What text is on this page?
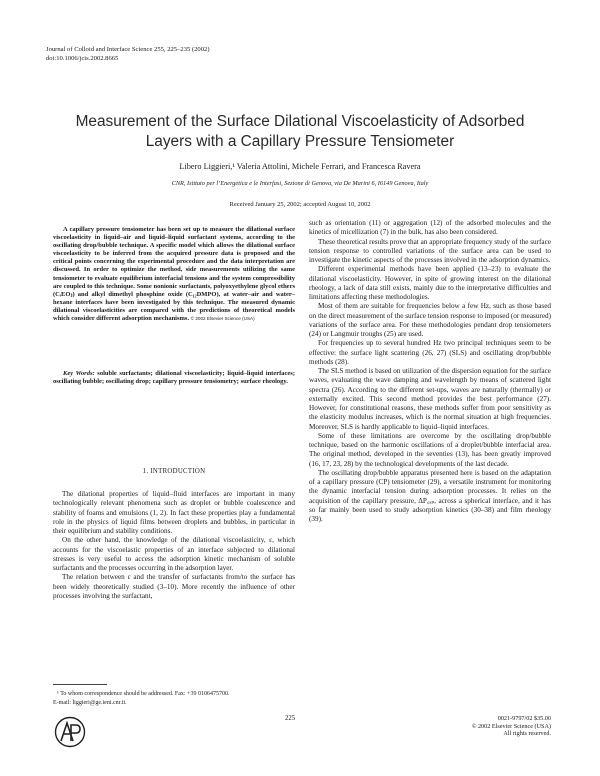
Journal of Colloid and Interface Science 255, 225–235 (2002)
doi:10.1006/jcis.2002.8665
Measurement of the Surface Dilational Viscoelasticity of Adsorbed
Layers with a Capillary Pressure Tensiometer
Libero Liggieri,¹ Valeria Attolini, Michele Ferrari, and Francesca Ravera
CNR, Istituto per l’Energetica e le Interfasi, Sezione di Genova, via De Marini 6, I6149 Genova, Italy
Received January 25, 2002; accepted August 10, 2002

A capillary pressure tensiometer has been set up to measure the dilational surface viscoelasticity in liquid–air and liquid–liquid surfactant systems, according to the oscillating drop/bubble technique. A specific model which allows the dilational surface viscoelasticity to be inferred from the acquired pressure data is proposed and the critical points concerning the experimental procedure and the data interpretation are discussed. In order to optimize the method, side measurements utilizing the same tensiometer to evaluate equilibrium interfacial tensions and the system compressibility are coupled to this technique. Some nonionic surfactants, polyoxyethylene glycol ethers (CᵢEOⱼ) and alkyl dimethyl phosphine oxide (C₁₂DMPO), at water–air and water–hexane interfaces have been investigated by this technique. The measured dynamic dilational viscoelasticities are compared with the predictions of theoretical models which consider different adsorption mechanisms. © 2002 Elsevier Science (USA)

Key Words: soluble surfactants; dilational viscoelasticity; liquid–liquid interfaces; oscillating bubble; oscillating drop; capillary pressure tensiometry; surface rheology.

1. INTRODUCTION

The dilational properties of liquid–fluid interfaces are important in many technologically relevant phenomena such as droplet or bubble coalescence and stability of foams and emulsions (1, 2). In fact these properties play a fundamental role in the physics of liquid films between droplets and bubbles, in particular in their equilibrium and stability conditions.

On the other hand, the knowledge of the dilational viscoelasticity, ε, which accounts for the viscoelastic properties of an interface subjected to dilational stresses is very useful to access the adsorption kinetic mechanism of soluble surfactants and the processes occurring in the adsorption layer.

The relation between ε and the transfer of surfactants from/to the surface has been widely theoretically studied (3–10). More recently the influence of other processes involving the surfactant,

such as orientation (11) or aggregation (12) of the adsorbed molecules and the kinetics of micellization (7) in the bulk, has also been considered.

These theoretical results prove that an appropriate frequency study of the surface tension response to controlled variations of the surface area can be used to investigate the kinetic aspects of the processes involved in the adsorption dynamics.

Different experimental methods have been applied (13–23) to evaluate the dilational viscoelasticity. However, in spite of growing interest on the dilational rheology, a lack of data still exists, mainly due to the interpretative difficulties and limitations affecting these methodologies.

Most of them are suitable for frequencies below a few Hz, such as those based on the direct measurement of the surface tension response to imposed (or measured) variations of the surface area. For these methodologies pendant drop tensiometers (24) or Langmuir troughs (25) are used.

For frequencies up to several hundred Hz two principal techniques seem to be effective: the surface light scattering (26, 27) (SLS) and oscillating drop/bubble methods (28).

The SLS method is based on utilization of the dispersion equation for the surface waves, evaluating the wave damping and wavelength by means of scattered light spectra (26). According to the different set-ups, waves are naturally (thermally) or externally excited. This second method provides the best performance (27). However, for constitutional reasons, these methods suffer from poor sensitivity as the elasticity modulus increases, which is the normal situation at high frequencies. Moreover, SLS is hardly applicable to liquid–liquid interfaces.

Some of these limitations are overcome by the oscillating drop/bubble technique, based on the harmonic oscillations of a droplet/bubble interfacial area. The original method, developed in the seventies (13), has been greatly improved (16, 17, 23, 28) by the technological developments of the last decade.

The oscillating drop/bubble apparatus presented here is based on the adaptation of a capillary pressure (CP) tensiometer (29), a versatile instrument for monitoring the dynamic interfacial tension during adsorption processes. It relies on the acquisition of the capillary pressure, ΔP꜀ₐₚ, across a spherical interface, and it has so far mainly been used to study adsorption kinetics (30–38) and film rheology (39).

¹ To whom correspondence should be addressed. Fax: +39 0106475700.

E-mail: liggieri@ge.ieni.cnr.it.

225	0021-9797/02 $35.00
© 2002 Elsevier Science (USA)
All rights reserved.
